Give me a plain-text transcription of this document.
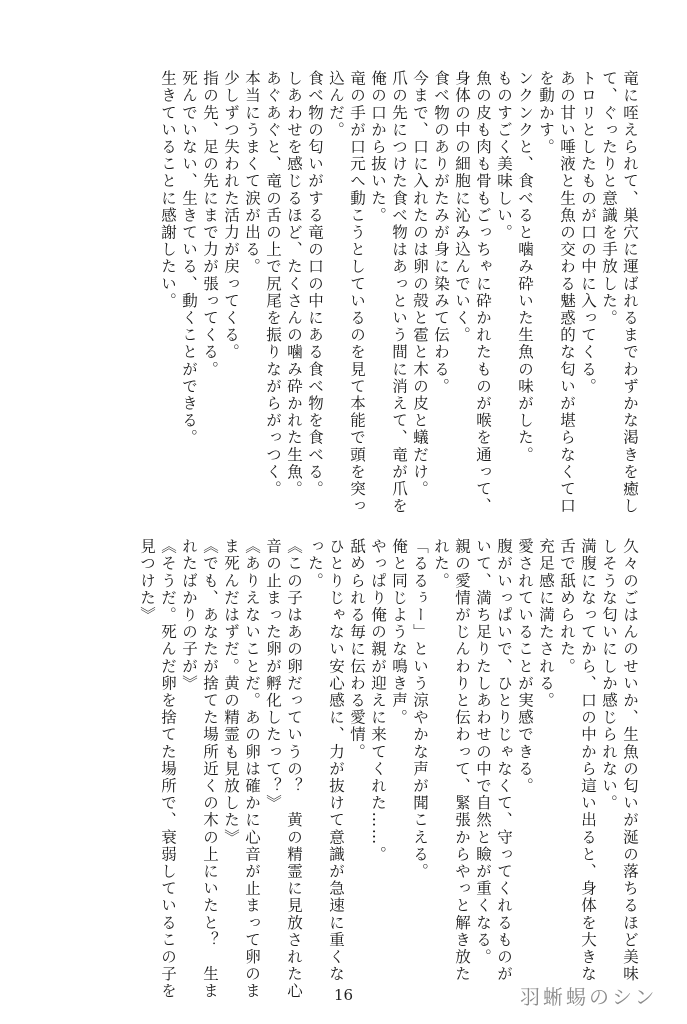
竜に咥えられて、巣穴に運ばれるまでわずかな渇きを癒し
て、ぐったりと意識を手放した。
トロリとしたものが口の中に入ってくる。
あの甘い唾液と生魚の交わる魅惑的な匂いが堪らなくて口
を動かす。
ンクンクと、食べると噛み砕いた生魚の味がした。
ものすごく美味しい。
魚の皮も肉も骨もごっちゃに砕かれたものが喉を通って、
身体の中の細胞に沁み込んでいく。
食べ物のありがたみが身に染みて伝わる。
今まで、口に入れたのは卵の殻と雹と木の皮と蟻だけ。
爪の先につけた食べ物はあっという間に消えて、竜が爪を
俺の口から抜いた。
竜の手が口元へ動こうとしているのを見て本能で頭を突っ
込んだ。
食べ物の匂いがする竜の口の中にある食べ物を食べる。
しあわせを感じるほど、たくさんの噛み砕かれた生魚。
あぐあぐと、竜の舌の上で尻尾を振りながらがっつく。
本当にうまくて涙が出る。
少しずつ失われた活力が戻ってくる。
指の先、足の先にまで力が張ってくる。
死んでいない、生きている、動くことができる。
生きていることに感謝したい。
久々のごはんのせいか、生魚の匂いが涎の落ちるほど美味
しそうな匂いにしか感じられない。
満腹になってから、口の中から這い出ると、身体を大きな
舌で舐められた。
充足感に満たされる。
愛されていることが実感できる。
腹がいっぱいで、ひとりじゃなくて、守ってくれるものが
いて、満ち足りたしあわせの中で自然と瞼が重くなる。
親の愛情がじんわりと伝わって、緊張からやっと解き放た
れた。
「るるぅー」という涼やかな声が聞こえる。
俺と同じような鳴き声。
やっぱり俺の親が迎えに来てくれた……。
舐められる毎に伝わる愛情。
ひとりじゃない安心感に、力が抜けて意識が急速に重くな
った。
《この子はあの卵だっていうの？　黄の精霊に見放された心
音の止まった卵が孵化したって？》
《ありえないことだ。あの卵は確かに心音が止まって卵のま
ま死んだはずだ。黄の精霊も見放した》
《でも、あなたが捨てた場所近くの木の上にいたと？　生ま
れたばかりの子が》
《そうだ。死んだ卵を捨てた場所で、衰弱しているこの子を
見つけた》
16	羽蜥蜴のシン
